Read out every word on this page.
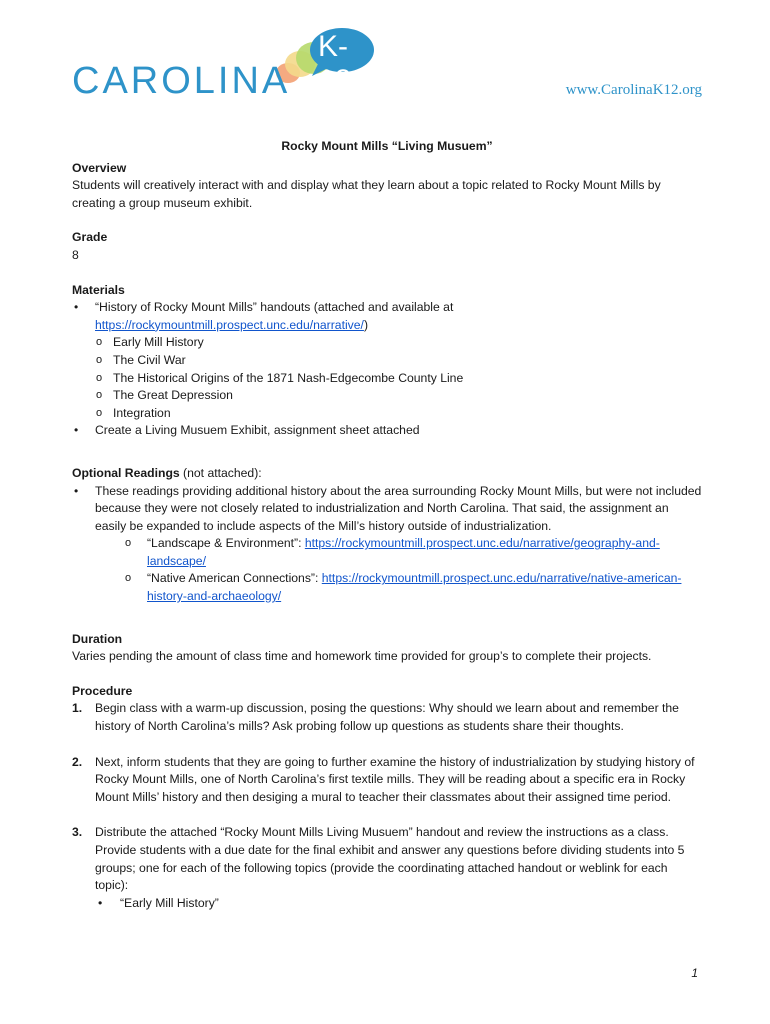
K-12
CAROLINA	www.CarolinaK12.org

Rocky Mount Mills “Living Musuem”

Overview

Students will creatively interact with and display what they learn about a topic related to Rocky Mount Mills by creating a group museum exhibit.

Grade

8

Materials

• “History of Rocky Mount Mills” handouts (attached and available at
https://rockymountmill.prospect.unc.edu/narrative/)
o Early Mill History
o The Civil War
o The Historical Origins of the 1871 Nash-Edgecombe County Line
o The Great Depression
o Integration
• Create a Living Musuem Exhibit, assignment sheet attached

Optional Readings (not attached):

• These readings providing additional history about the area surrounding Rocky Mount Mills, but were not included because they were not closely related to industrialization and North Carolina. That said, the assignment an easily be expanded to include aspects of the Mill’s history outside of industrialization.
o “Landscape & Environment”: https://rockymountmill.prospect.unc.edu/narrative/geography-and-landscape/
o “Native American Connections”: https://rockymountmill.prospect.unc.edu/narrative/native-american-history-and-archaeology/

Duration

Varies pending the amount of class time and homework time provided for group’s to complete their projects.

Procedure

1. Begin class with a warm-up discussion, posing the questions: Why should we learn about and remember the history of North Carolina’s mills? Ask probing follow up questions as students share their thoughts.
2. Next, inform students that they are going to further examine the history of industrialization by studying history of Rocky Mount Mills, one of North Carolina’s first textile mills. They will be reading about a specific era in Rocky Mount Mills’ history and then desiging a mural to teacher their classmates about their assigned time period.
3. Distribute the attached “Rocky Mount Mills Living Musuem” handout and review the instructions as a class. Provide students with a due date for the final exhibit and answer any questions before dividing students into 5 groups; one for each of the following topics (provide the coordinating attached handout or weblink for each topic):
• “Early Mill History”
1
